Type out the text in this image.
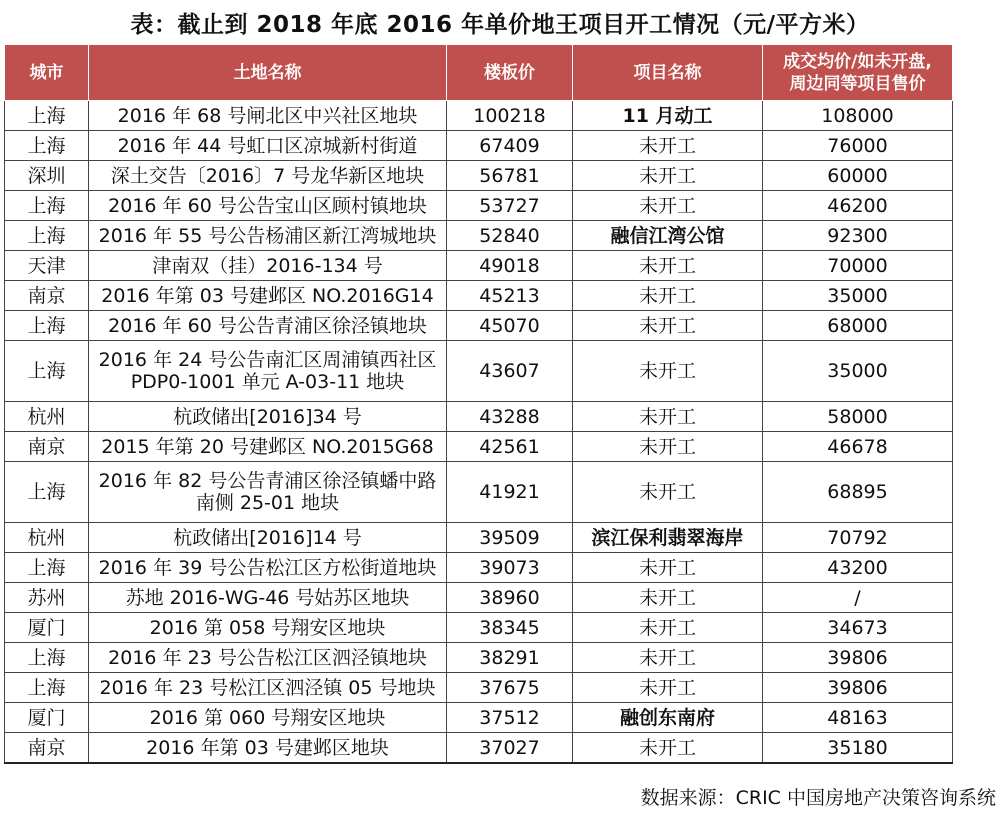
表：截止到 2018 年底 2016 年单价地王项目开工情况（元/平方米）
城市	土地名称	楼板价	项目名称	成交均价/如未开盘,
周边同等项目售价
上海	2016 年 68 号闸北区中兴社区地块	100218	11 月动工	108000
上海	2016 年 44 号虹口区凉城新村街道	67409	未开工	76000
深圳	深土交告〔2016〕7 号龙华新区地块	56781	未开工	60000
上海	2016 年 60 号公告宝山区顾村镇地块	53727	未开工	46200
上海	2016 年 55 号公告杨浦区新江湾城地块	52840	融信江湾公馆	92300
天津	津南双（挂）2016-134 号	49018	未开工	70000
南京	2016 年第 03 号建邺区 NO.2016G14	45213	未开工	35000
上海	2016 年 60 号公告青浦区徐泾镇地块	45070	未开工	68000
上海	2016 年 24 号公告南汇区周浦镇西社区
PDP0-1001 单元 A-03-11 地块	43607	未开工	35000
杭州	杭政储出[2016]34 号	43288	未开工	58000
南京	2015 年第 20 号建邺区 NO.2015G68	42561	未开工	46678
上海	2016 年 82 号公告青浦区徐泾镇蟠中路
南侧 25-01 地块	41921	未开工	68895
杭州	杭政储出[2016]14 号	39509	滨江保利翡翠海岸	70792
上海	2016 年 39 号公告松江区方松街道地块	39073	未开工	43200
苏州	苏地 2016-WG-46 号姑苏区地块	38960	未开工	/
厦门	2016 第 058 号翔安区地块	38345	未开工	34673
上海	2016 年 23 号公告松江区泗泾镇地块	38291	未开工	39806
上海	2016 年 23 号松江区泗泾镇 05 号地块	37675	未开工	39806
厦门	2016 第 060 号翔安区地块	37512	融创东南府	48163
南京	2016 年第 03 号建邺区地块	37027	未开工	35180
数据来源：CRIC 中国房地产决策咨询系统
